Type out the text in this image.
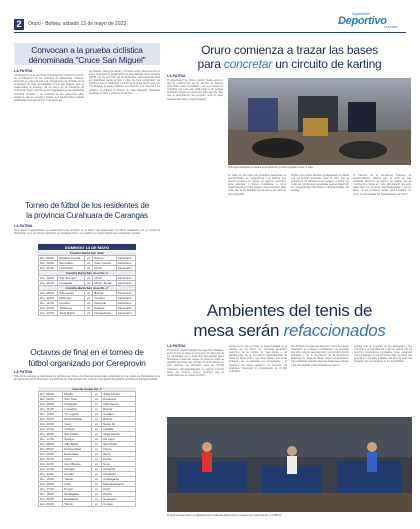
2	Oruro - Bolivia, sábado 13 de mayo de 2023
Suplemento
Deportivo
LA PATRIA
Convocan a la prueba ciclística
denominada "Cruce San Miguel"
LA PATRIA
La dirigencia de la Asociación Municipal de Ciclismo de Oruro en coordinación con los vecinales de Ambarrada, Cabrera, anuncian la convocatoria a la competencia de ciclismo en la modalidad de ruta denominada Cruce San Miguel, que se desarrollará el domingo 28 de mayo en el municipio de Soracachi. Según informe de los organizadores, las ganadoras recibirán premios, y se confirma en las categorías elite, master a, sub 23, juvenil y damas. Las inscripciones estarán habilitadas en la asociación el día lunes 29.
La, Damas (categoría única) y Ciclistas entre categorías de 16 años. La prueba se desarrollará en la modalidad Cross Country (MTB) con un recorrido de 16 kilómetros cada categoría para ser habilitada según el tipo y nivel de cada competidor, las inscripciones se realizarán a partir de la fecha previo pago de 5 bolivianos, al mismo teléfono de contacto. Con relación a los premios, el primero al tercero de cada categoría obtendrán medallas, trofeos y premios en efectivo.
Torneo de fútbol de los residentes de
la provincia Curahuara de Carangas
LA PATRIA
Intercambio comprometido se desarrollará este domingo en el marco del campeonato de fútbol organizado por el Centro de Residentes de la provincia Curahuara de Carangas Oruro. Los partidos se desarrollarán bajo el siguiente detalle.
DOMINGO 14 DE MAYO
Cancha Santa San Juan
Hrs. 09:00	Rosario Central	vs.	Ibuong	Ascensión
Hrs. 10:00	San Isidro	vs.	Juan Condor	Ascensión
Hrs. 11:00	La Florida	vs.	Unión	Ascensión
Cancha Barra San Jose No. 1				
Hrs. 10:00	The Stronger	vs.	Unión	Ascensión
Hrs. 11:00	Coyapata	vs.	Union Jamac	Ascensión
Cancha Barra San Jose No. 2				
Hrs. 09:00	Pisonkuwa	vs.	Bolívar	Ascensión
Hrs. 10:00	Wokman	vs.	Cordero	Ascensión
Hrs. 11:00	Cordero	vs.	Nacional	Ascensión
Hrs. 12:00	Tacahuay	vs.	Sabaya	Ascensión
Hrs. 13:00	Tecla Balza	vs.	Chuquichuru	Ascensión
Octavos de final en el torneo de
fútbol organizado por Cereprovin
LA PATRIA
Este fin de semana se disputarán los partidos de octavos de final del campeonato organizado por el Centro de Residentes de la Provincia Saucarí (Cereprovin). La directiva de esta entidad, hizo conocer el programa de partidos que tiene el siguiente detalle.
Cancha Amber No. 2
Hrs. 08:00	Mojilla	vs.	Tolas Azules
Hrs. 09:00	San Juan	vs.	Dreamers
Hrs. 10:00	Sucapata	vs.	Villa Hueco
Hrs. 11:00	Lumahua	vs.	Bolívar
Hrs. 12:00	Tu Legado	vs.	Cordero
Hrs. 13:00	Rana Zabala	vs.	Bolívar
Hrs. 14:00	Cairo	vs.	Santa Fe
Hrs. 15:00	Achaya	vs.	Castilla
Hrs. 16:00	San Martín	vs.	Tolas Azules
Hrs. 17:00	Sucayo	vs.	Inti Yapu
Hrs. 08:00	Villa Belén	vs.	San Pedro
Hrs. 09:00	Pampa Real	vs.	Flores
Hrs. 10:00	Esmeralda	vs.	Iberia
Hrs. 11:00	Ayuta	vs.	Peñas
Hrs. 12:00	Cruz Blanca	vs.	Sora
Hrs. 13:00	Obrajes	vs.	Urkupiña
Hrs. 14:00	Condor	vs.	Caracollo
Hrs. 15:00	Toledo	vs.	Antofagasta
Hrs. 16:00	Vinto	vs.	Machacamarca
Hrs. 17:00	Poopó	vs.	Huari
Hrs. 18:00	Challapata	vs.	Pazña
Hrs. 19:00	Eucaliptus	vs.	Soracachi
Hrs. 20:00	Totora	vs.	Corque
Oruro comienza a trazar las bases
para concretar un circuito de karting
LA PATRIA
El gobernador de Oruro, Johnny Vedia, anunció que la construcción de un circuito de karting para Oruro está concretando y en poco tiempo se cumplirá con todo que dará lugar a un parque automotor donde se practicará este deporte. Dijo que la autorización del proyecto será un paso fundamental para el departamento.
Seis departamentos ya tienen su kartódromo y Oruro requiere tener el suyo.
Se trata de una obra que permitirá desarrollar el automovilismo de competencia y el karting. Los pilotos orureños no tienen un espacio adecuado para entrenar y deben trasladarse a otros departamentos, lo que genera costos elevados para cada una de las familias que apoyan a sus hijos en esta disciplina.
Explicó que según estudios preliminares se cuenta con un terreno adecuado para la obra, que se ubicará en las afueras de la ciudad y contará con todas las condiciones necesarias para el desarrollo de competencias nacionales e internacionales del karting.
El director de la Asociación Orureña de Automovilismo, explicó que la obra es una demanda histórica del sector. Se estima que la construcción tenga un costo aproximado que será financiado con recursos departamentales y que se inicie en los próximos meses para beneficio de todos los deportistas del departamento de Oruro.
Ambientes del tenis de
mesa serán refaccionados
LA PATRIA
El Servicio Departamental de Deportes (Sedede), anunció que se tiene un proyecto de refacción de los ambientes en la Casa Sur del estadio Jesús Bermúdez donde las mesas de tenis de mesa se deberán funcionar las oficinas de la asociación de este deporte. La inversión será de 19.500 bolivianos aproximadamente, se espera concluir antes del próximo torneo nacional que se desarrollará en la ciudad de Oruro.
Situación de que los tenis de mesa trabajan en el cambio de los pisos del principal escenario deportivo de la ciudad, la cual afecta a las instalaciones de la Asociación Departamental de Tenis de Mesa Oruro, que hace tiempo que viene pidiendo que se atiendan sus necesidades y la refacción de estos espacios, el proyecto de refacción contempla un presupuesto de 19.500 bolivianos.
Sin embargo se sabe que algunos y tiene un amplio calendario de torneos y actividades y se pretende que este espacio sea mejorado con la refacción del ambiente y de la Asociación de la Federación Boliviana de Tenis de Mesa. Según se estableció, este ambiente requiere mejoras desde hace tiempo y las autoridades comprometieron su apoyo.
Agregó que el proyecto ya fue entregado y fue conocido a la Gobernación y que se cuenta con los recursos económicos necesarios para comenzar con los trabajos en los próximos días, se prevé que la obra se concluirá a finales del mes de junio del presente año en beneficio de los deportistas.
El tenis de mesa tiene su infraestructura bastante deteriorada y requiere ser refaccionada. (La Patria)
